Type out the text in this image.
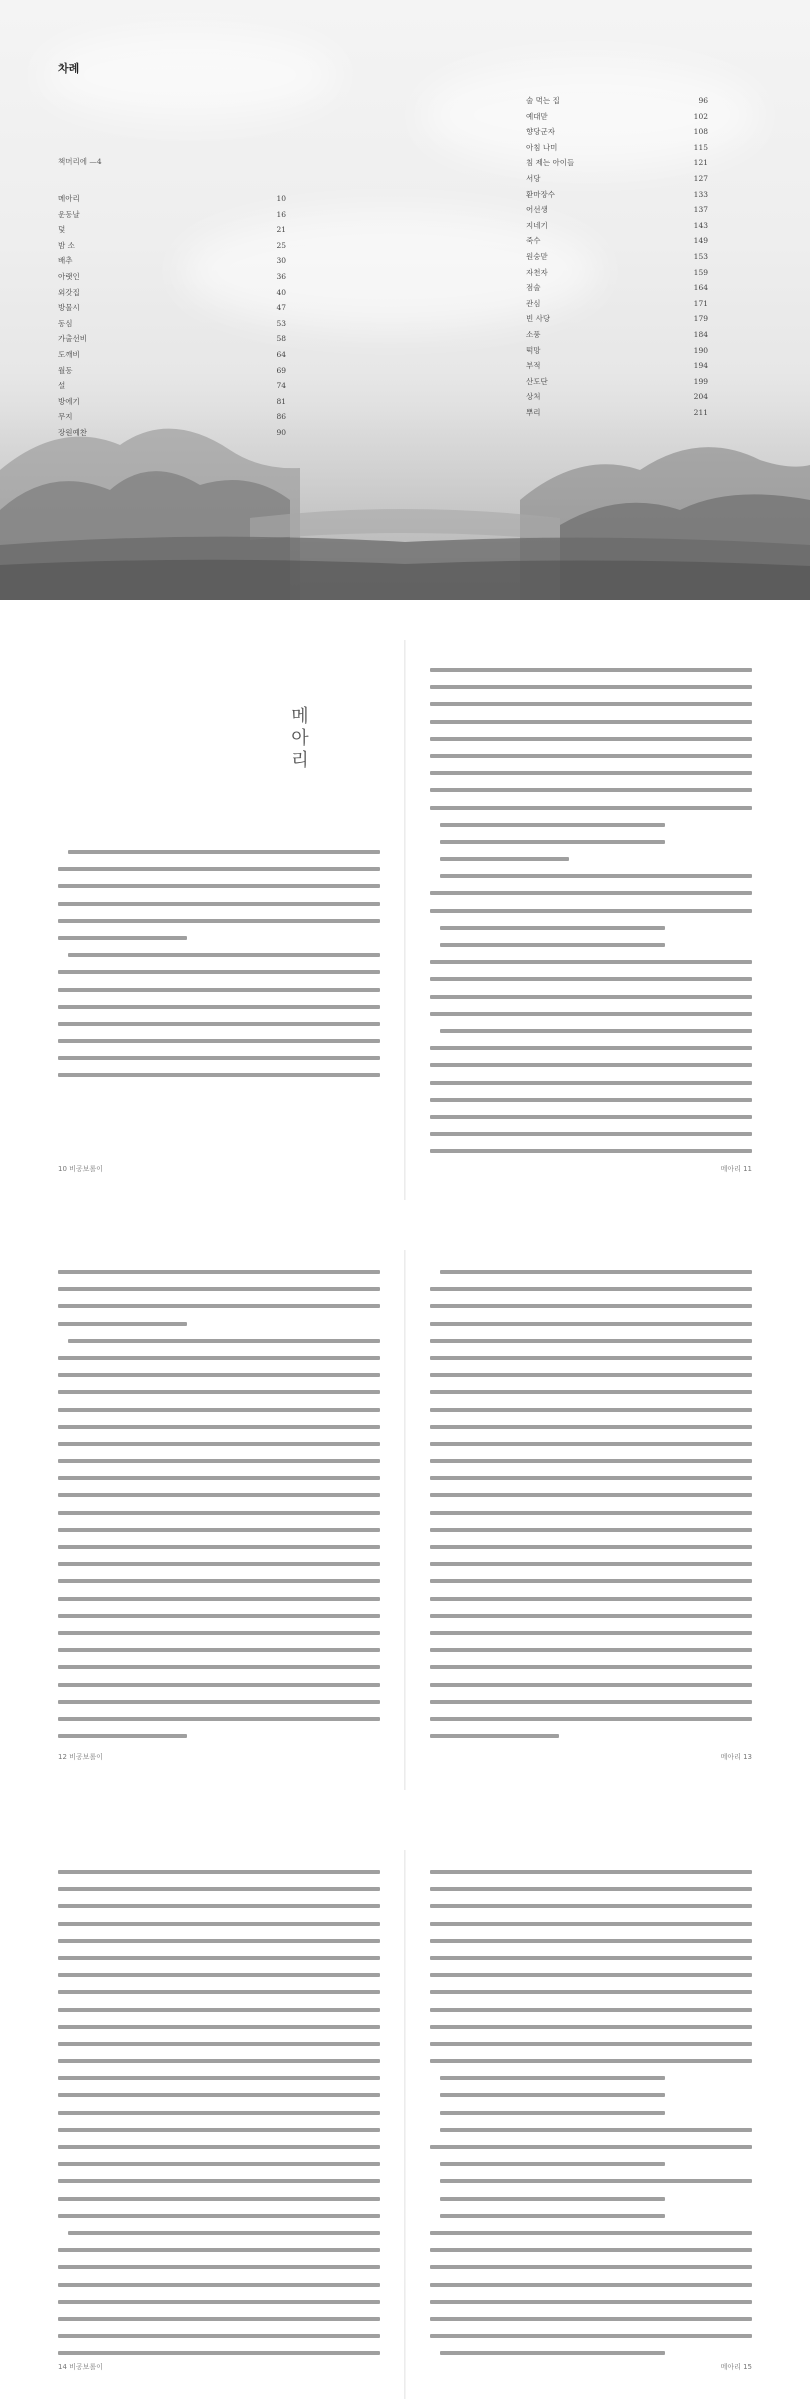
차례
책머리에 —4
메아리	10
운동날	16
덫	21
밤 소	25
배추	30
아랫인	36
외갓집	40
방물시	47
동심	53
가출선비	58
도깨비	64
월동	69
설	74
방에기	81
무지	86
장원예찬	90
술 먹는 집	96
예대맏	102
향당군자	108
아침 나미	115
침 제는 아이들	121
서당	127
환마장수	133
어선생	137
지네기	143
죽수	149
원숭맏	153
자천자	159
점술	164
관심	171
빈 사당	179
소풍	184
떡망	190
부적	194
산도단	199
상처	204
뿌리	211
메아리
10 비공보롤이	메아리 11
12 비공보롤이	메아리 13
14 비공보롤이	메아리 15
